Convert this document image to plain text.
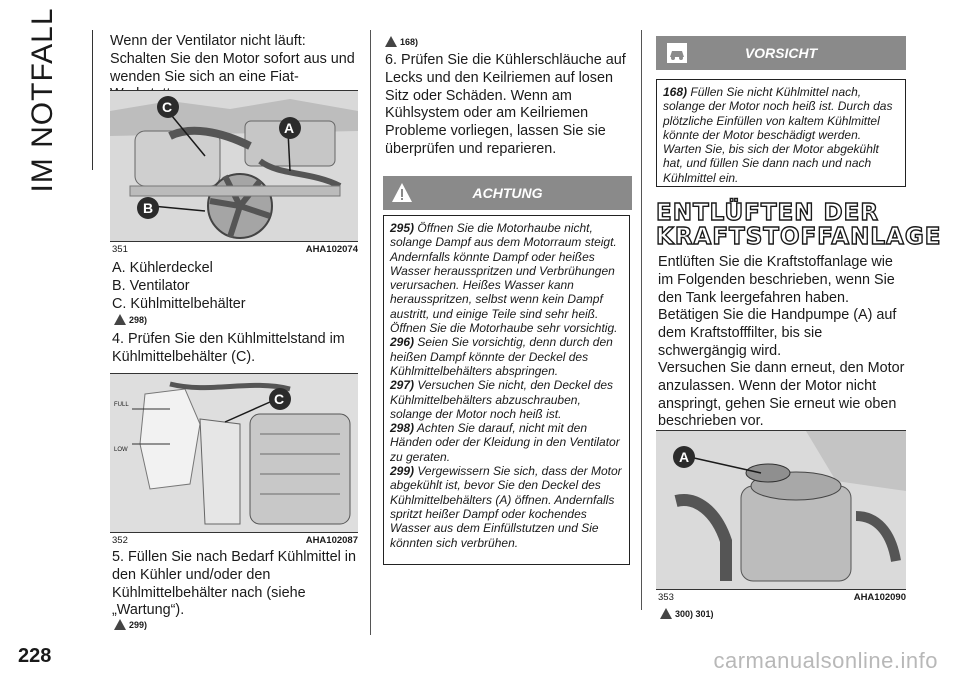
IM NOTFALL
228	carmanualsonline.info

Wenn der Ventilator nicht läuft: Schalten Sie den Motor sofort aus und wenden Sie sich an eine Fiat-

C
A
B
351	AHA102074

A. Kühlerdeckel

B. Ventilator

C. Kühlmittelbehälter

298)

4. Prüfen Sie den Kühlmittelstand im Kühlmittelbehälter (C).

C
FULL
LOW
352	AHA102087

5. Füllen Sie nach Bedarf Kühlmittel in den Kühler und/oder den Kühlmittelbehälter nach (siehe „Wartung“).

299)
168)

6. Prüfen Sie die Kühlerschläuche auf Lecks und den Keilriemen auf losen Sitz oder Schäden. Wenn am Kühlsystem oder am Keilriemen Probleme vorliegen, lassen Sie sie überprüfen und reparieren.

ACHTUNG

295) Öffnen Sie die Motorhaube nicht, solange Dampf aus dem Motorraum steigt. Andernfalls könnte Dampf oder heißes Wasser herausspritzen und Verbrühungen verursachen. Heißes Wasser kann herausspritzen, selbst wenn kein Dampf austritt, und einige Teile sind sehr heiß.

Öffnen Sie die Motorhaube sehr vorsichtig.

296) Seien Sie vorsichtig, denn durch den heißen Dampf könnte der Deckel des Kühlmittelbehälters abspringen.

297) Versuchen Sie nicht, den Deckel des Kühlmittelbehälters abzuschrauben, solange der Motor noch heiß ist.

298) Achten Sie darauf, nicht mit den Händen oder der Kleidung in den Ventilator zu geraten.

299) Vergewissern Sie sich, dass der Motor abgekühlt ist, bevor Sie den Deckel des Kühlmittelbehälters (A) öffnen. Andernfalls spritzt heißer Dampf oder kochendes Wasser aus dem Einfüllstutzen und Sie könnten sich verbrühen.

VORSICHT

168) Füllen Sie nicht Kühlmittel nach, solange der Motor noch heiß ist. Durch das plötzliche Einfüllen von kaltem Kühlmittel könnte der Motor beschädigt werden. Warten Sie, bis sich der Motor abgekühlt hat, und füllen Sie dann nach und nach Kühlmittel ein.

ENTLÜFTEN DER
KRAFTSTOFFANLAGE

Entlüften Sie die Kraftstoffanlage wie im Folgenden beschrieben, wenn Sie den Tank leergefahren haben. Betätigen Sie die Handpumpe (A) auf dem Kraftstofffilter, bis sie schwergängig wird.

Versuchen Sie dann erneut, den Motor anzulassen. Wenn der Motor nicht anspringt, gehen Sie erneut wie oben beschrieben vor.

A
353	AHA102090
300) 301)
